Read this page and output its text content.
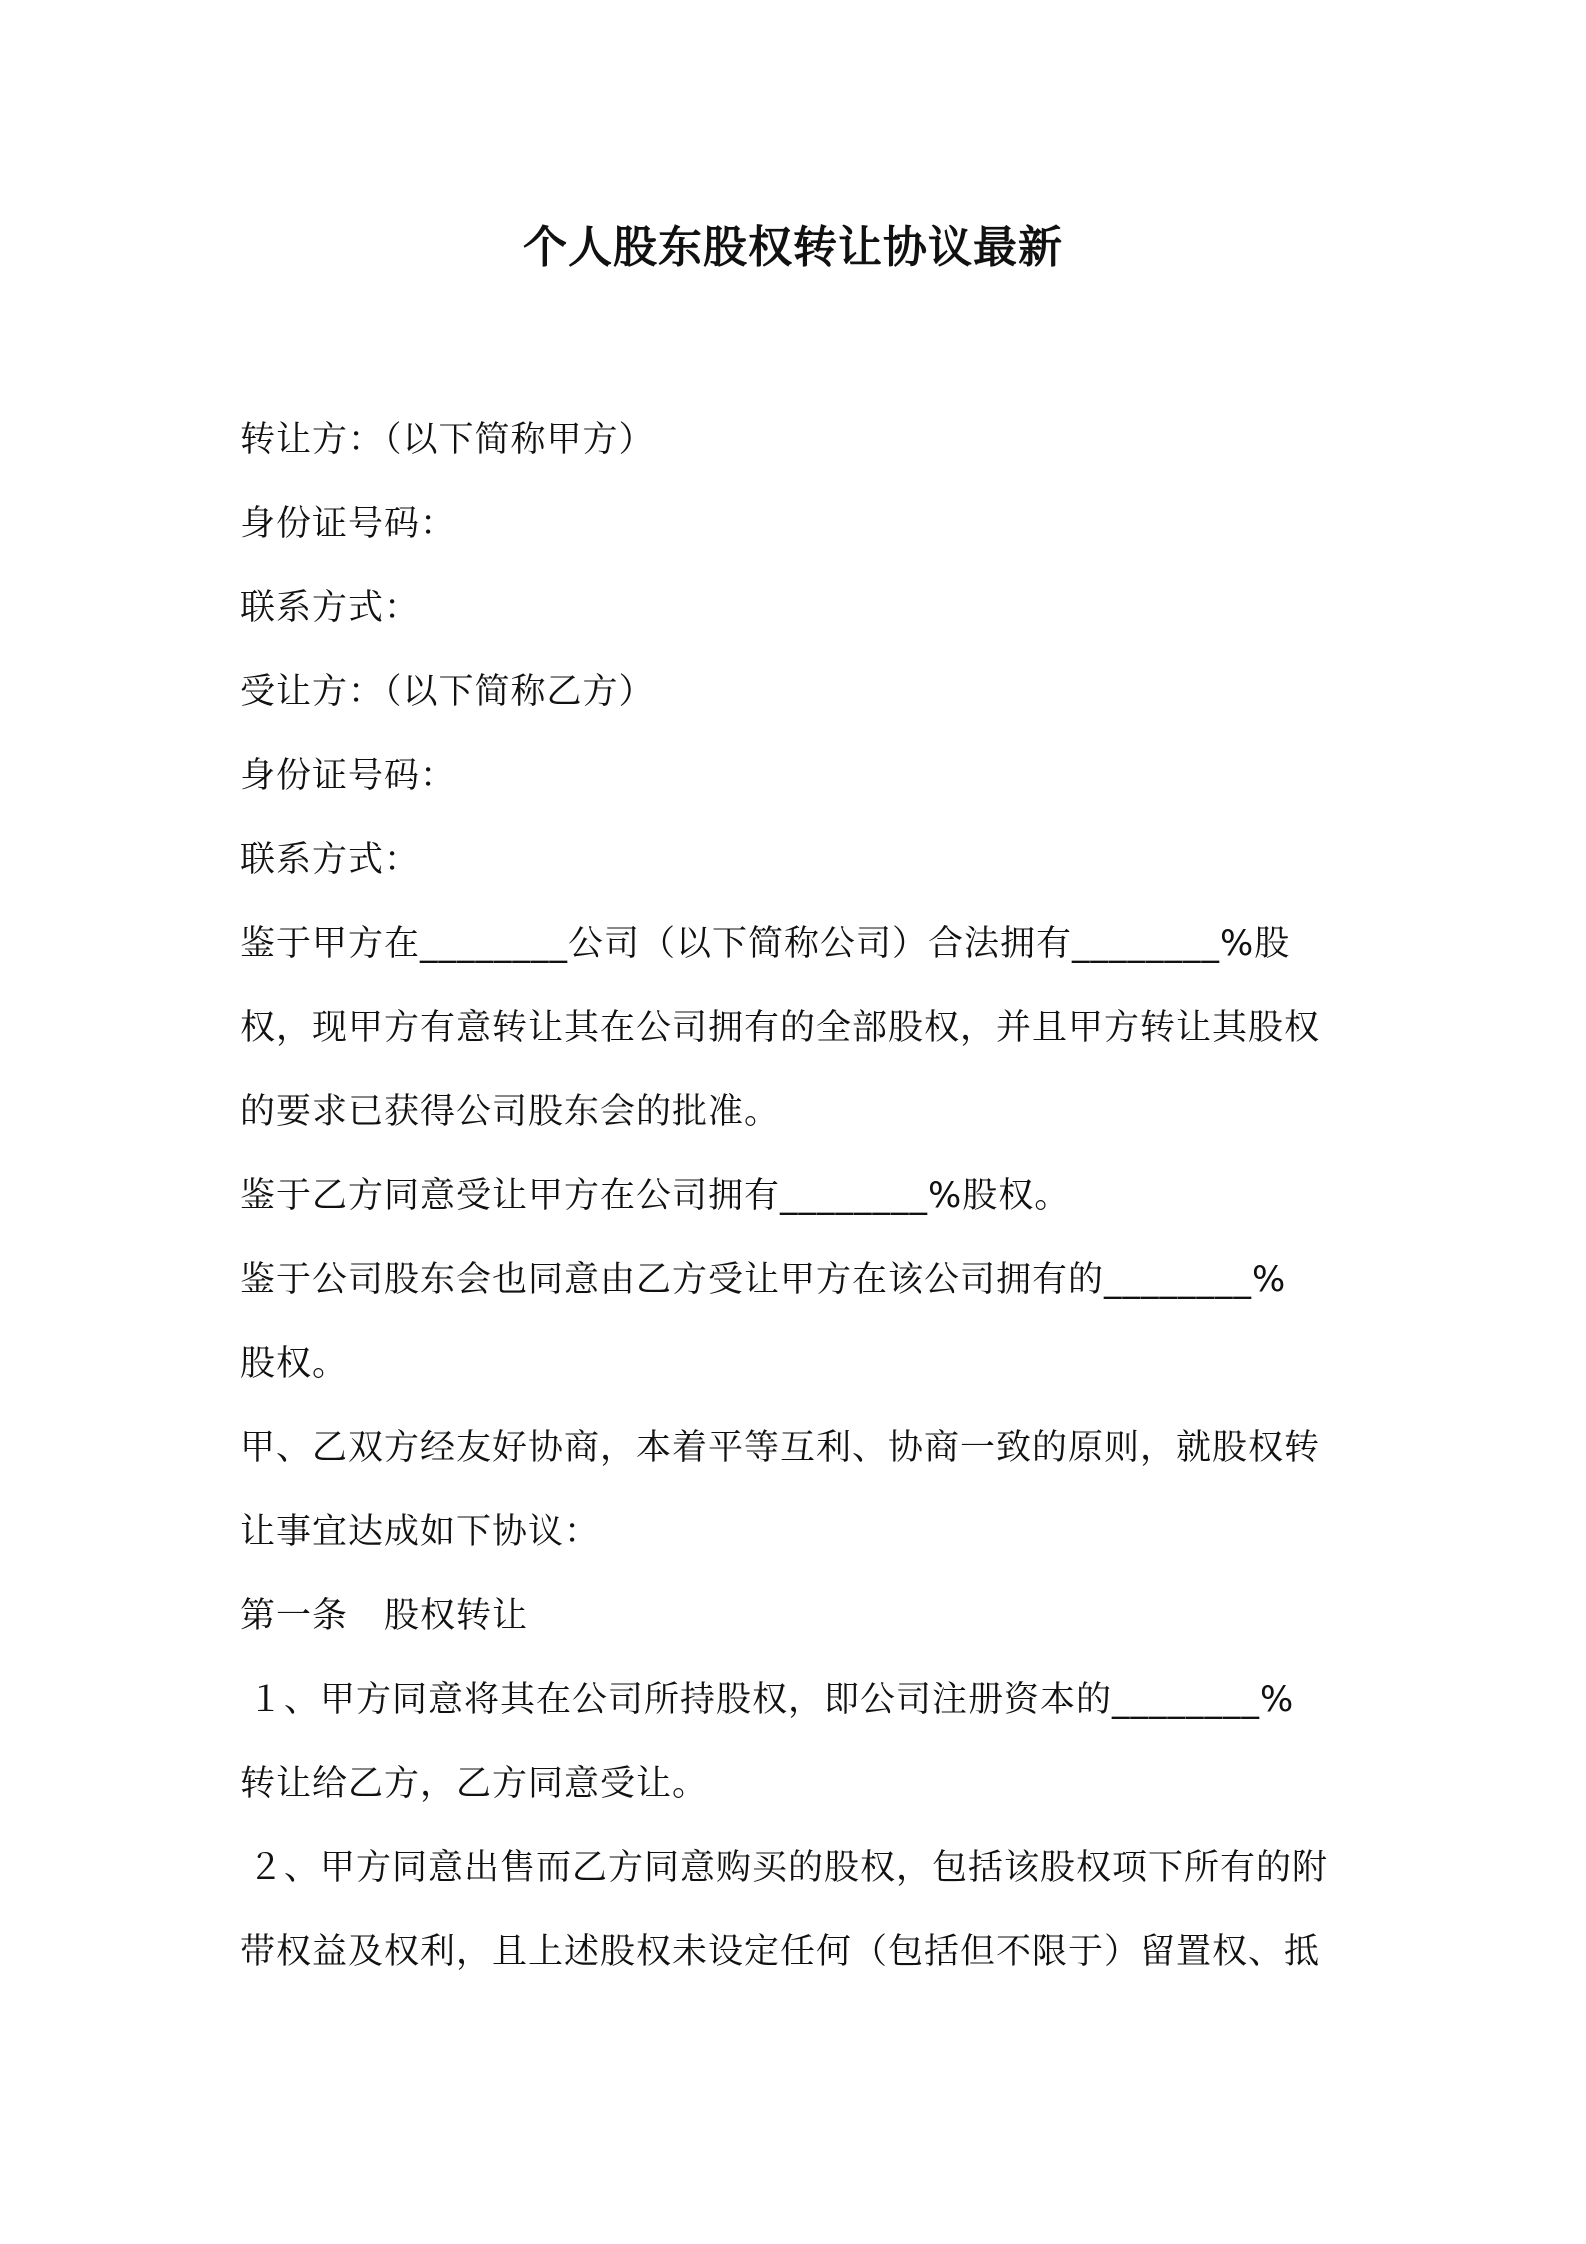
个人股东股权转让协议最新
转让方：（以下简称甲方）
身份证号码：
联系方式：
受让方：（以下简称乙方）
身份证号码：
联系方式：
鉴于甲方在________公司（以下简称公司）合法拥有________%股
权，现甲方有意转让其在公司拥有的全部股权，并且甲方转让其股权
的要求已获得公司股东会的批准。
鉴于乙方同意受让甲方在公司拥有________%股权。
鉴于公司股东会也同意由乙方受让甲方在该公司拥有的________%
股权。
甲、乙双方经友好协商，本着平等互利、协商一致的原则，就股权转
让事宜达成如下协议：
第一条 股权转让
１、甲方同意将其在公司所持股权，即公司注册资本的________%
转让给乙方，乙方同意受让。
２、甲方同意出售而乙方同意购买的股权，包括该股权项下所有的附
带权益及权利，且上述股权未设定任何（包括但不限于）留置权、抵
